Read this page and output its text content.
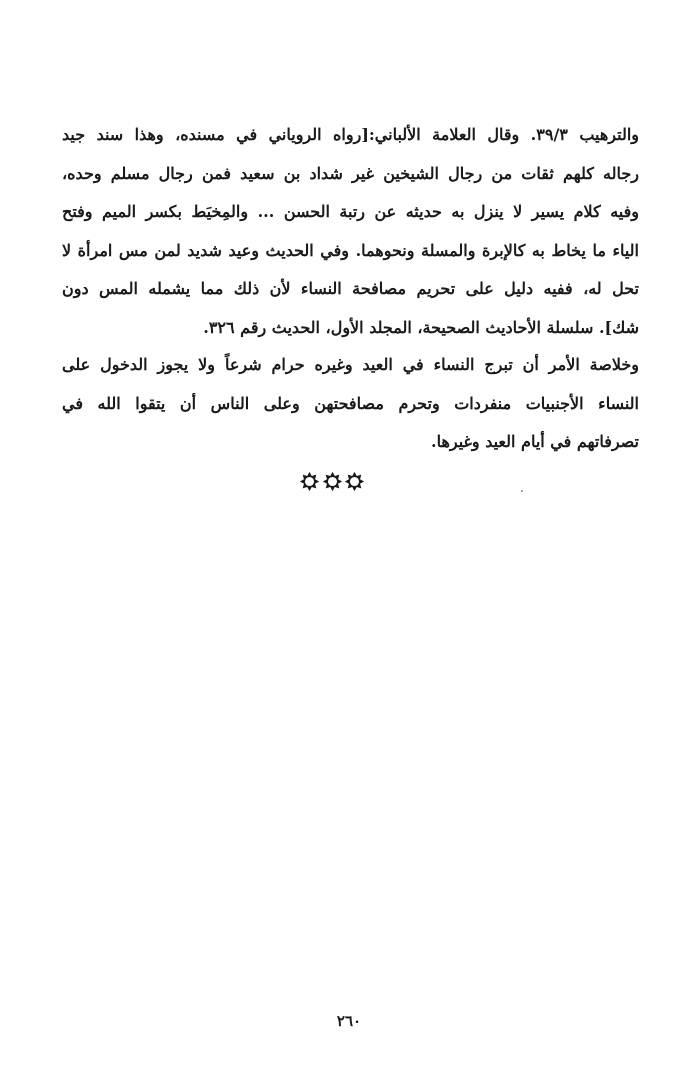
والترهيب ٣٩/٣. وقال العلامة الألباني:[رواه الروياني في مسنده، وهذا سند جيد
رجاله كلهم ثقات من رجال الشيخين غير شداد بن سعيد فمن رجال مسلم وحده،
وفيه كلام يسير لا ينزل به حديثه عن رتبة الحسن ... والمِخيَط بكسر الميم وفتح
الياء ما يخاط به كالإبرة والمسلة ونحوهما. وفي الحديث وعيد شديد لمن مس امرأة لا
تحل له، ففيه دليل على تحريم مصافحة النساء لأن ذلك مما يشمله المس دون
شك]. سلسلة الأحاديث الصحيحة، المجلد الأول، الحديث رقم ٣٢٦.
وخلاصة الأمر أن تبرج النساء في العيد وغيره حرام شرعاً ولا يجوز الدخول على
النساء الأجنبيات منفردات وتحرم مصافحتهن وعلى الناس أن يتقوا الله في
تصرفاتهم في أيام العيد وغيرها.
٢٦٠
